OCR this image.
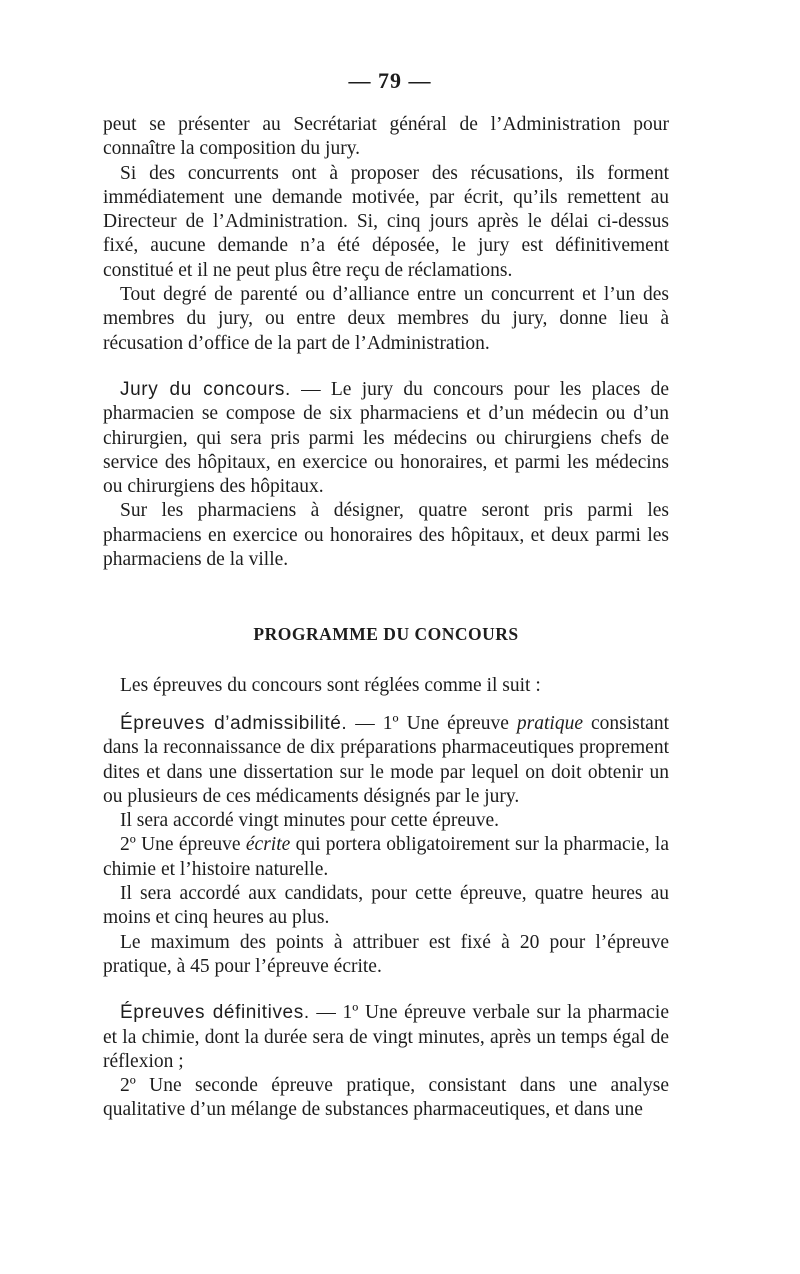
— 79 —

peut se présenter au Secrétariat général de l’Administration pour connaître la composition du jury.

Si des concurrents ont à proposer des récusations, ils forment immédiatement une demande motivée, par écrit, qu’ils remettent au Directeur de l’Administration. Si, cinq jours après le délai ci-dessus fixé, aucune demande n’a été déposée, le jury est définitivement constitué et il ne peut plus être reçu de réclamations.

Tout degré de parenté ou d’alliance entre un concurrent et l’un des membres du jury, ou entre deux membres du jury, donne lieu à récusation d’office de la part de l’Administration.

Jury du concours. — Le jury du concours pour les places de pharmacien se compose de six pharmaciens et d’un médecin ou d’un chirurgien, qui sera pris parmi les médecins ou chirurgiens chefs de service des hôpitaux, en exercice ou honoraires, et parmi les médecins ou chirurgiens des hôpitaux.

Sur les pharmaciens à désigner, quatre seront pris parmi les pharmaciens en exercice ou honoraires des hôpitaux, et deux parmi les pharmaciens de la ville.

PROGRAMME DU CONCOURS

Les épreuves du concours sont réglées comme il suit :

Épreuves d’admissibilité. — 1º Une épreuve pratique consistant dans la reconnaissance de dix préparations pharmaceutiques proprement dites et dans une dissertation sur le mode par lequel on doit obtenir un ou plusieurs de ces médicaments désignés par le jury.

Il sera accordé vingt minutes pour cette épreuve.

2º Une épreuve écrite qui portera obligatoirement sur la pharmacie, la chimie et l’histoire naturelle.

Il sera accordé aux candidats, pour cette épreuve, quatre heures au moins et cinq heures au plus.

Le maximum des points à attribuer est fixé à 20 pour l’épreuve pratique, à 45 pour l’épreuve écrite.

Épreuves définitives. — 1º Une épreuve verbale sur la pharmacie et la chimie, dont la durée sera de vingt minutes, après un temps égal de réflexion ;

2º Une seconde épreuve pratique, consistant dans une analyse qualitative d’un mélange de substances pharmaceutiques, et dans une
